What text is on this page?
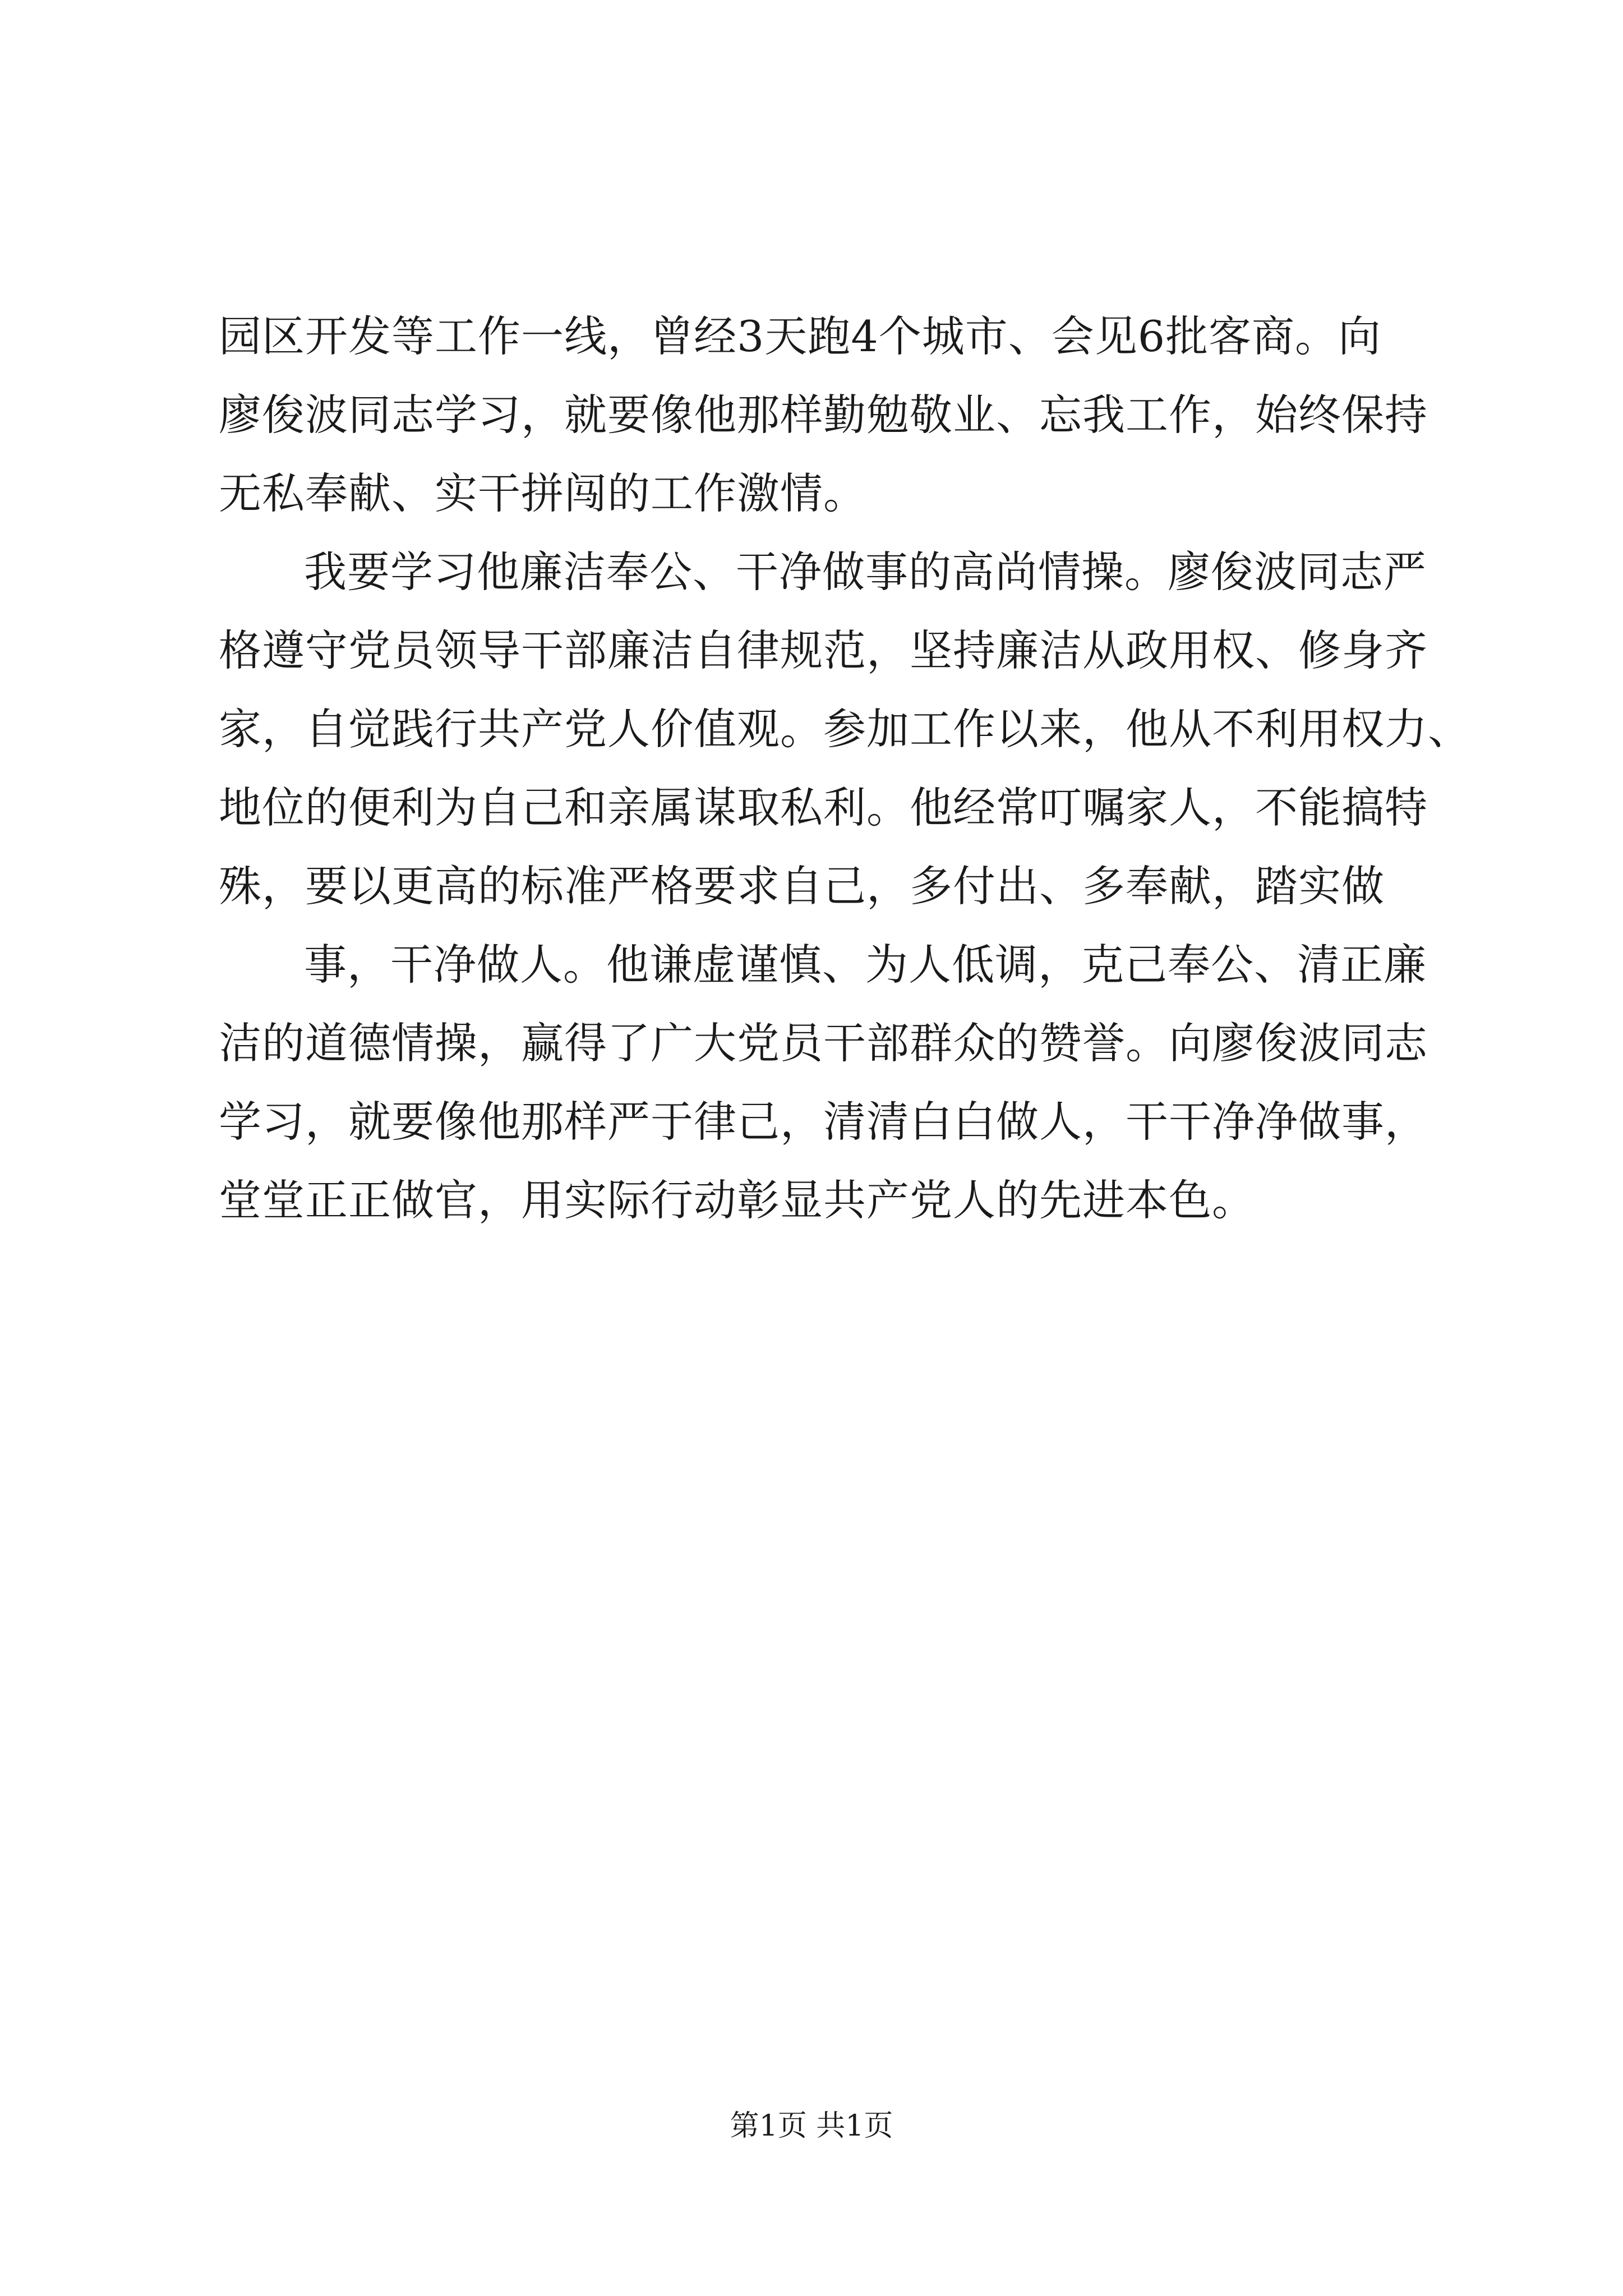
园区开发等工作一线，曾经3天跑4个城市、会见6批客商。向
廖俊波同志学习，就要像他那样勤勉敬业、忘我工作，始终保持
无私奉献、实干拼闯的工作激情。
我要学习他廉洁奉公、干净做事的高尚情操。廖俊波同志严
格遵守党员领导干部廉洁自律规范，坚持廉洁从政用权、修身齐
家，自觉践行共产党人价值观。参加工作以来，他从不利用权力、
地位的便利为自己和亲属谋取私利。他经常叮嘱家人，不能搞特
殊，要以更高的标准严格要求自己，多付出、多奉献，踏实做
事，干净做人。他谦虚谨慎、为人低调，克己奉公、清正廉
洁的道德情操，赢得了广大党员干部群众的赞誉。向廖俊波同志
学习，就要像他那样严于律己，清清白白做人，干干净净做事，
堂堂正正做官，用实际行动彰显共产党人的先进本色。
第1页 共1页
